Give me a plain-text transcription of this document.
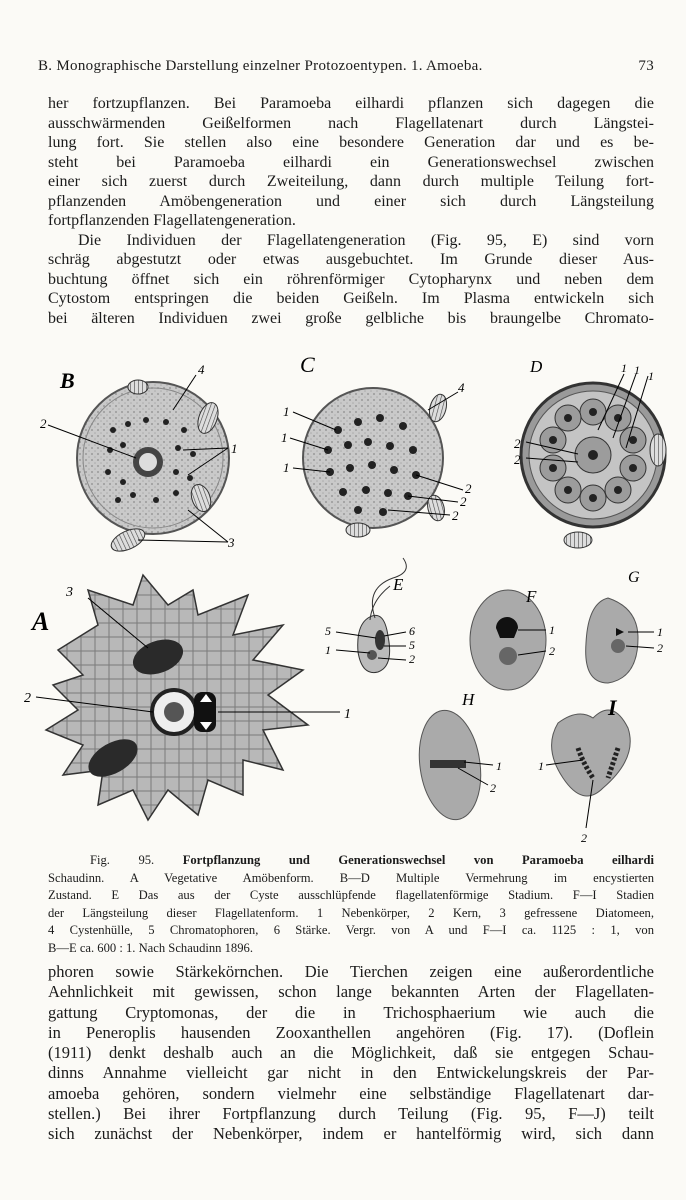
B. Monographische Darstellung einzelner Protozoentypen. 1. Amoeba.	73
her fortzupflanzen. Bei Paramoeba eilhardi pflanzen sich dagegen die
ausschwärmenden Geißelformen nach Flagellatenart durch Längstei-
lung fort. Sie stellen also eine besondere Generation dar und es be-
steht bei Paramoeba eilhardi ein Generationswechsel zwischen
einer sich zuerst durch Zweiteilung, dann durch multiple Teilung fort-
pflanzenden Amöbengeneration und einer sich durch Längsteilung
fortpflanzenden Flagellatengeneration.
Die Individuen der Flagellatengeneration (Fig. 95, E) sind vorn
schräg abgestutzt oder etwas ausgebuchtet. Im Grunde dieser Aus-
buchtung öffnet sich ein röhrenförmiger Cytopharynx und neben dem
Cytostom entspringen die beiden Geißeln. Im Plasma entwickeln sich
bei älteren Individuen zwei große gelbliche bis braungelbe Chromato-
B	4
2
1
3
C
4
1
1
1
2
2
2
D	1 1 1
2
2
A
3
2
1
E
5
1
6
5
2
F
1
2
G
1
2
H
1
2
I
1
2
Fig. 95. Fortpflanzung und Generationswechsel von Paramoeba eilhardi
Schaudinn. A Vegetative Amöbenform. B—D Multiple Vermehrung im encystierten
Zustand. E Das aus der Cyste ausschlüpfende flagellatenförmige Stadium. F—I Stadien
der Längsteilung dieser Flagellatenform. 1 Nebenkörper, 2 Kern, 3 gefressene Diatomeen,
4 Cystenhülle, 5 Chromatophoren, 6 Stärke. Vergr. von A und F—I ca. 1125 : 1, von
B—E ca. 600 : 1. Nach Schaudinn 1896.
phoren sowie Stärkekörnchen. Die Tierchen zeigen eine außerordentliche
Aehnlichkeit mit gewissen, schon lange bekannten Arten der Flagellaten-
gattung Cryptomonas, der die in Trichosphaerium wie auch die
in Peneroplis hausenden Zooxanthellen angehören (Fig. 17). (Doflein
(1911) denkt deshalb auch an die Möglichkeit, daß sie entgegen Schau-
dinns Annahme vielleicht gar nicht in den Entwickelungskreis der Par-
amoeba gehören, sondern vielmehr eine selbständige Flagellatenart dar-
stellen.) Bei ihrer Fortpflanzung durch Teilung (Fig. 95, F—J) teilt
sich zunächst der Nebenkörper, indem er hantelförmig wird, sich dann
